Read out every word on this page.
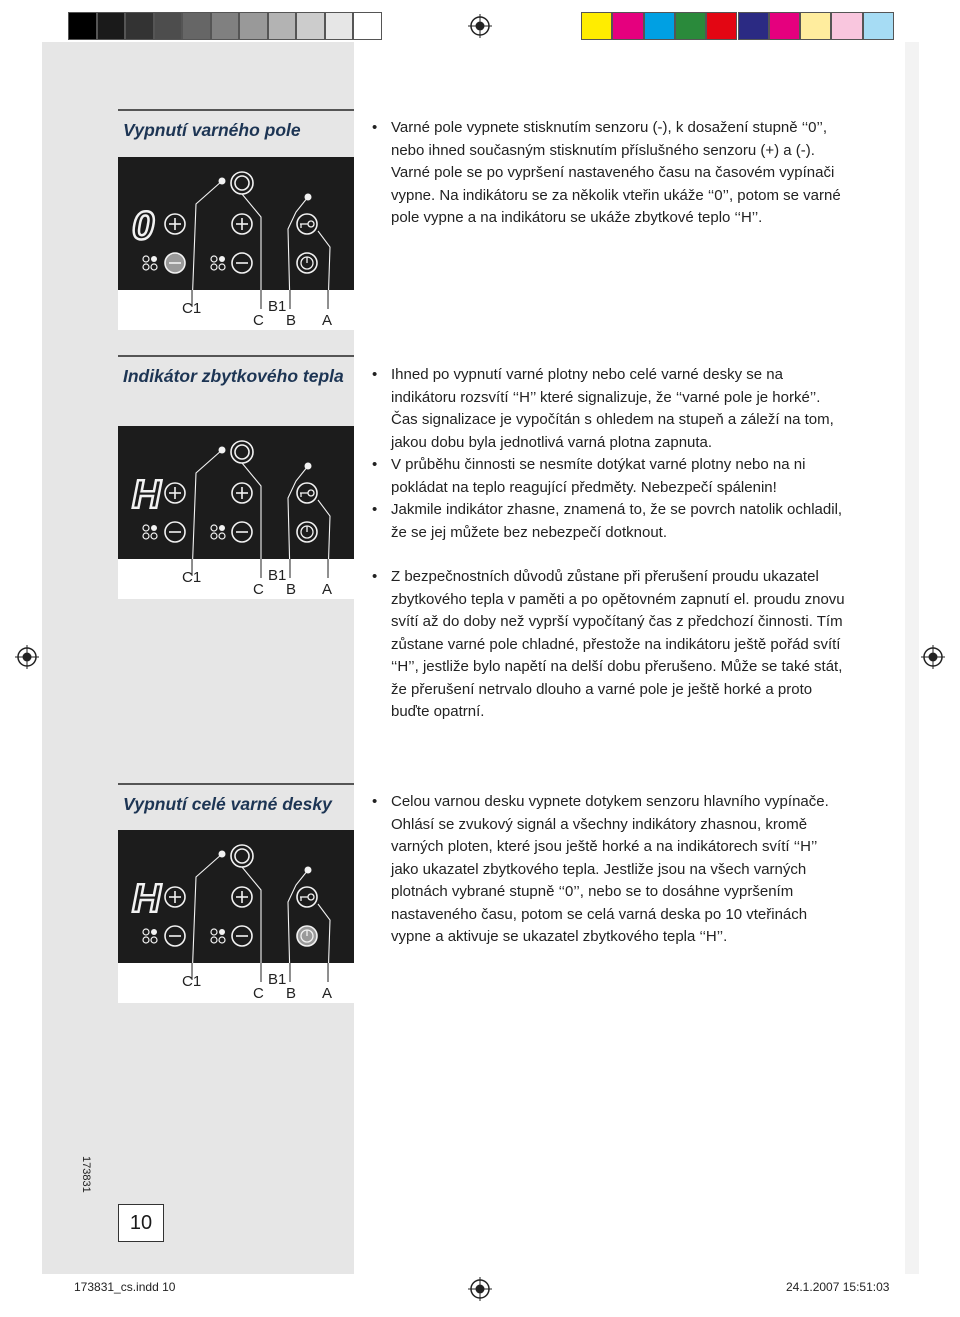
Vypnutí varného pole
0
C1
C
B1
B A
• Varné pole vypnete stisknutím senzoru (-), k dosažení stupně ‘‘0’’, nebo ihned současným stisknutím příslušného senzoru (+) a (-). Varné pole se po vypršení nastaveného času na časovém vypínači vypne. Na indikátoru se za několik vteřin ukáže ‘‘0’’, potom se varné pole vypne a na indikátoru se ukáže zbytkové teplo ‘‘H’’.
Indikátor zbytkového tepla
H
C1
C
B1
B A
• Ihned po vypnutí varné plotny nebo celé varné desky se na indikátoru rozsvítí ‘‘H’’ které signalizuje, že ‘‘varné pole je horké’’. Čas signalizace je vypočítán s ohledem na stupeň a záleží na tom, jakou dobu byla jednotlivá varná plotna zapnuta.
• V průběhu činnosti se nesmíte dotýkat varné plotny nebo na ni pokládat na teplo reagující předměty. Nebezpečí spálenin!
• Jakmile indikátor zhasne, znamená to, že se povrch natolik ochladil, že se jej můžete bez nebezpečí dotknout.
• Z bezpečnostních důvodů zůstane při přerušení proudu ukazatel zbytkového tepla v paměti a po opětovném zapnutí el. proudu znovu svítí až do doby než vyprší vypočítaný čas z předchozí činnosti. Tím zůstane varné pole chladné, přestože na indikátoru ještě pořád svítí ‘‘H’’, jestliže bylo napětí na delší dobu přerušeno. Může se také stát, že přerušení netrvalo dlouho a varné pole je ještě horké a proto buďte opatrní.
Vypnutí celé varné desky
H
C1
C
B1
B A
• Celou varnou desku vypnete dotykem senzoru hlavního vypínače. Ohlásí se zvukový signál a všechny indikátory zhasnou, kromě varných ploten, které jsou ještě horké a na indikátorech svítí ‘‘H’’ jako ukazatel zbytkového tepla. Jestliže jsou na všech varných plotnách vybrané stupně ‘‘0’’, nebo se to dosáhne vypršením nastaveného času, potom se celá varná deska po 10 vteřinách vypne a aktivuje se ukazatel zbytkového tepla ‘‘H’’.
10
173831
173831_cs.indd 10	24.1.2007 15:51:03
